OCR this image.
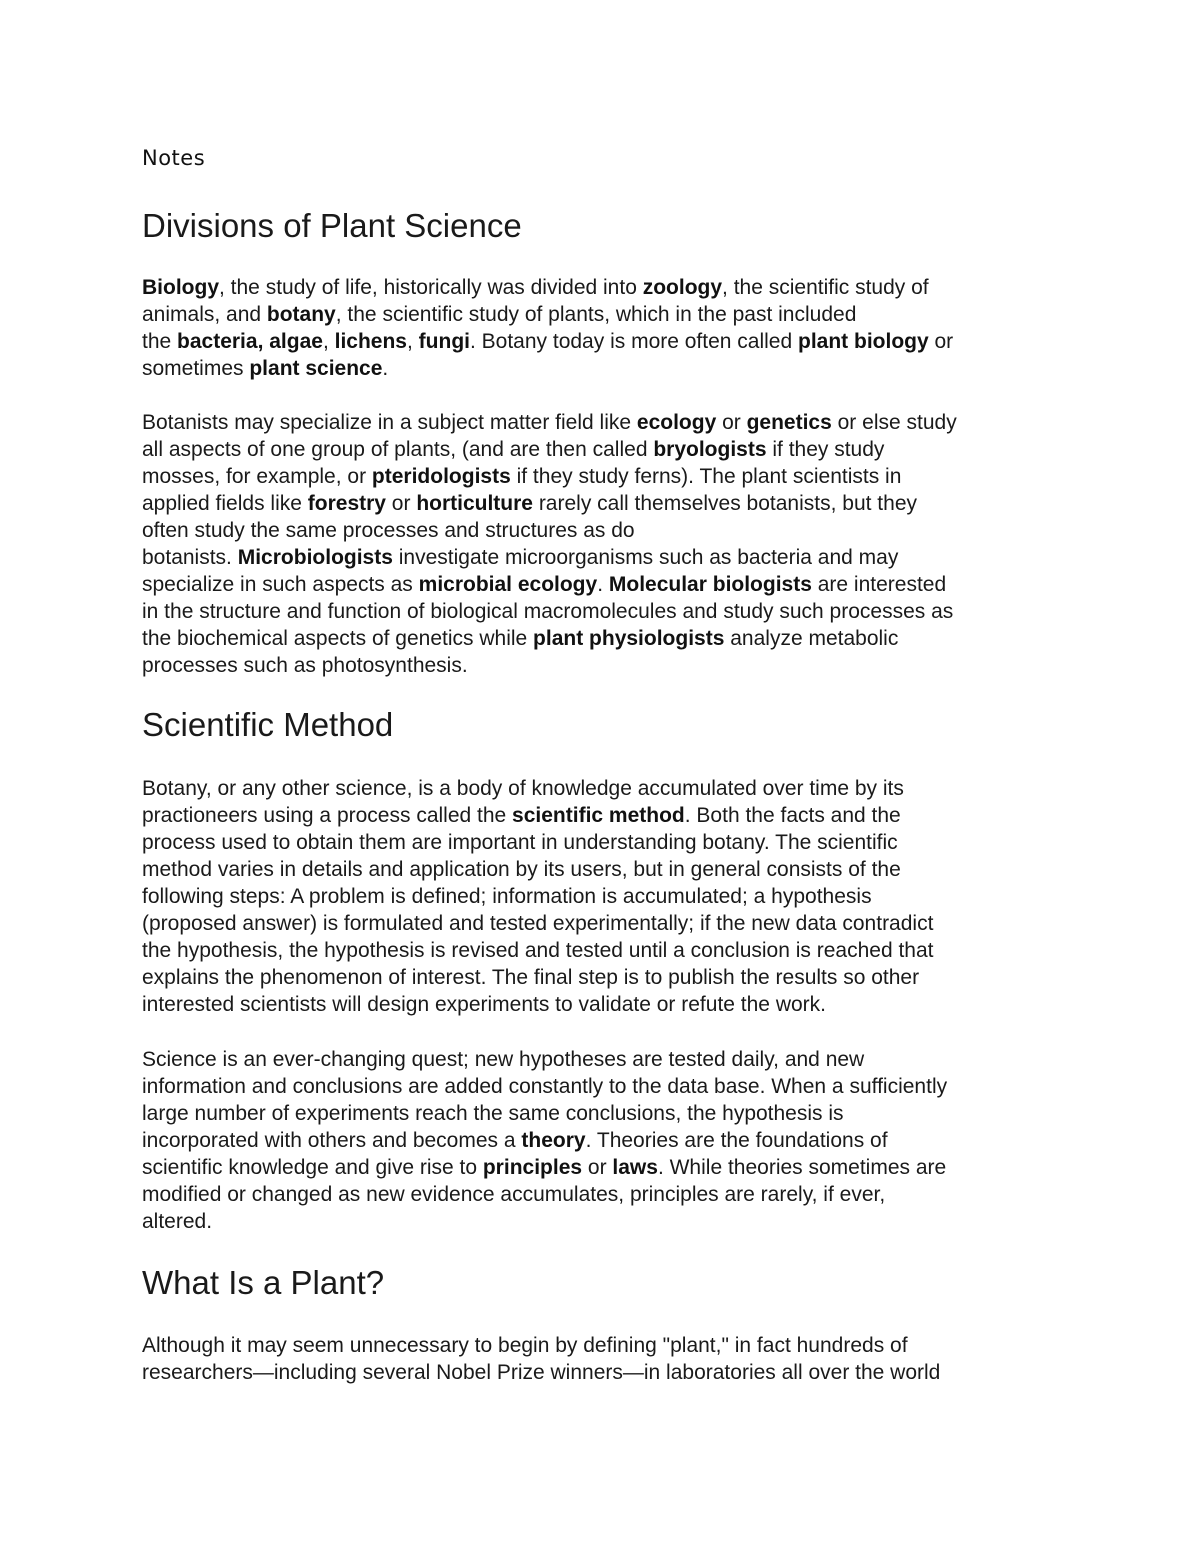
Notes
Divisions of Plant Science
Biology, the study of life, historically was divided into zoology, the scientific study of
animals, and botany, the scientific study of plants, which in the past included
the bacteria, algae, lichens, fungi. Botany today is more often called plant biology or
sometimes plant science.
Botanists may specialize in a subject matter field like ecology or genetics or else study
all aspects of one group of plants, (and are then called bryologists if they study
mosses, for example, or pteridologists if they study ferns). The plant scientists in
applied fields like forestry or horticulture rarely call themselves botanists, but they
often study the same processes and structures as do
botanists. Microbiologists investigate microorganisms such as bacteria and may
specialize in such aspects as microbial ecology. Molecular biologists are interested
in the structure and function of biological macromolecules and study such processes as
the biochemical aspects of genetics while plant physiologists analyze metabolic
processes such as photosynthesis.
Scientific Method
Botany, or any other science, is a body of knowledge accumulated over time by its
practioneers using a process called the scientific method. Both the facts and the
process used to obtain them are important in understanding botany. The scientific
method varies in details and application by its users, but in general consists of the
following steps: A problem is defined; information is accumulated; a hypothesis
(proposed answer) is formulated and tested experimentally; if the new data contradict
the hypothesis, the hypothesis is revised and tested until a conclusion is reached that
explains the phenomenon of interest. The final step is to publish the results so other
interested scientists will design experiments to validate or refute the work.
Science is an ever-changing quest; new hypotheses are tested daily, and new
information and conclusions are added constantly to the data base. When a sufficiently
large number of experiments reach the same conclusions, the hypothesis is
incorporated with others and becomes a theory. Theories are the foundations of
scientific knowledge and give rise to principles or laws. While theories sometimes are
modified or changed as new evidence accumulates, principles are rarely, if ever,
altered.
What Is a Plant?
Although it may seem unnecessary to begin by defining "plant," in fact hundreds of
researchers—including several Nobel Prize winners—in laboratories all over the world
